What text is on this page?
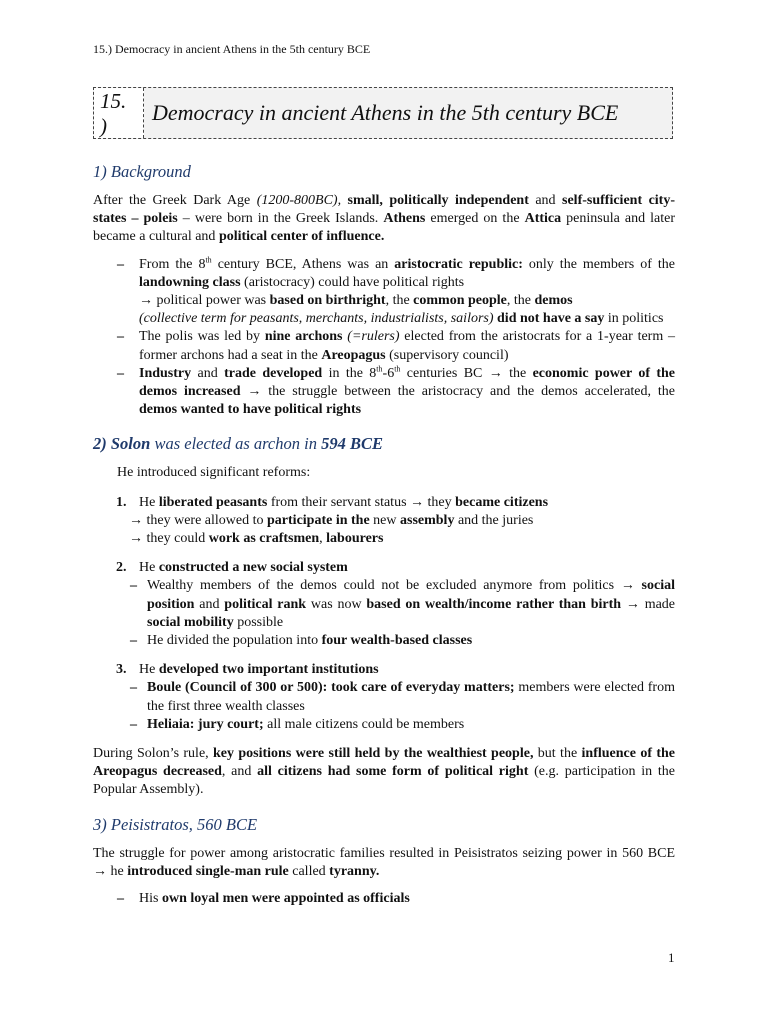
15.) Democracy in ancient Athens in the 5th century BCE
15.
)
Democracy in ancient Athens in the 5th century BCE
1) Background

After the Greek Dark Age (1200-800BC), small, politically independent and self-sufficient city-states – poleis – were born in the Greek Islands. Athens emerged on the Attica peninsula and later became a cultural and political center of influence.

– From the 8th century BCE, Athens was an aristocratic republic: only the members of the landowning class (aristocracy) could have political rights
→ political power was based on birthright, the common people, the demos
(collective term for peasants, merchants, industrialists, sailors) did not have a say in politics
– The polis was led by nine archons (=rulers) elected from the aristocrats for a 1-year term – former archons had a seat in the Areopagus (supervisory council)
– Industry and trade developed in the 8th-6th centuries BC → the economic power of the demos increased → the struggle between the aristocracy and the demos accelerated, the demos wanted to have political rights
2) Solon was elected as archon in 594 BCE

He introduced significant reforms:

1. He liberated peasants from their servant status → they became citizens
→ they were allowed to participate in the new assembly and the juries
→ they could work as craftsmen, labourers
2. He constructed a new social system
– Wealthy members of the demos could not be excluded anymore from politics → social position and political rank was now based on wealth/income rather than birth → made social mobility possible
– He divided the population into four wealth-based classes
3. He developed two important institutions
– Boule (Council of 300 or 500): took care of everyday matters; members were elected from the first three wealth classes
– Heliaia: jury court; all male citizens could be members

During Solon’s rule, key positions were still held by the wealthiest people, but the influence of the Areopagus decreased, and all citizens had some form of political right (e.g. participation in the Popular Assembly).

3) Peisistratos, 560 BCE

The struggle for power among aristocratic families resulted in Peisistratos seizing power in 560 BCE → he introduced single-man rule called tyranny.

– His own loyal men were appointed as officials
1
